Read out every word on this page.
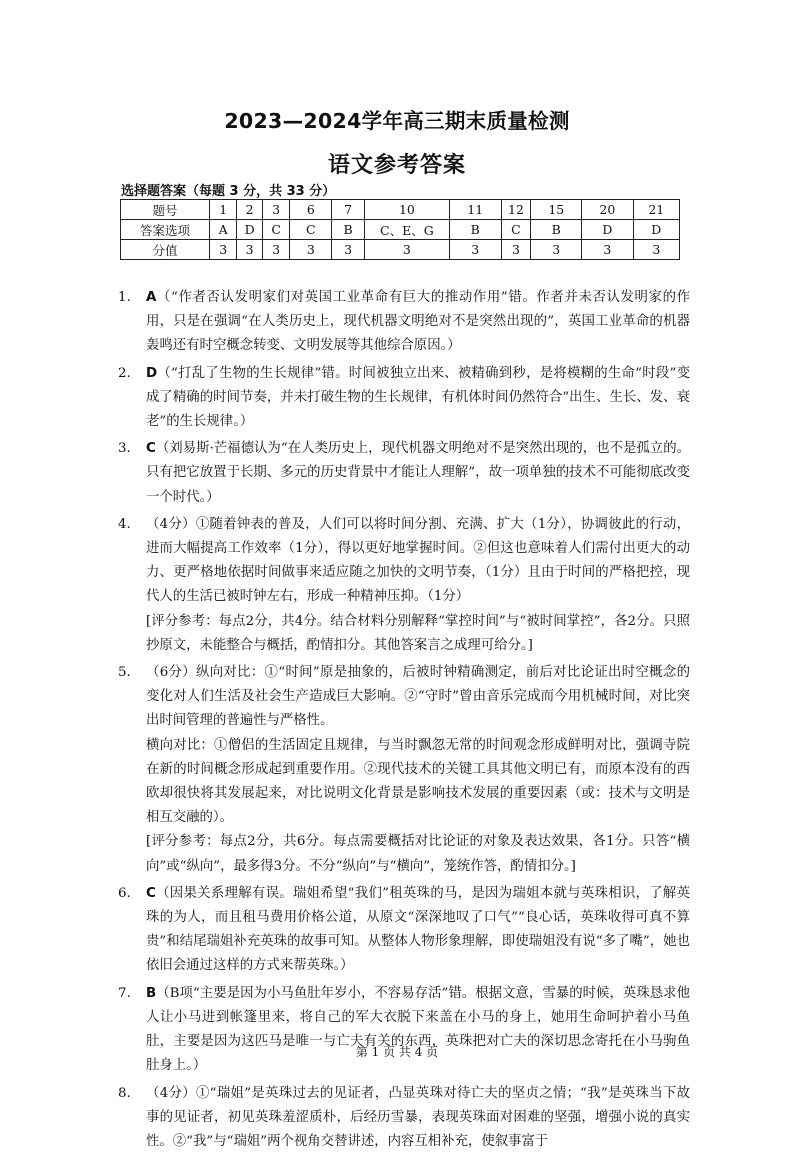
2023—2024学年高三期末质量检测
语文参考答案
选择题答案（每题 3 分，共 33 分）
题号	1	2	3	6	7	10	11	12	15	20	21
答案选项	A	D	C	C	B	C、E、G	B	C	B	D	D
分值	3	3	3	3	3	3	3	3	3	3	3
1. A（“作者否认发明家们对英国工业革命有巨大的推动作用”错。作者并未否认发明家的作用，只是在强调“在人类历史上，现代机器文明绝对不是突然出现的”，英国工业革命的机器轰鸣还有时空概念转变、文明发展等其他综合原因。）

2. D（“打乱了生物的生长规律”错。时间被独立出来、被精确到秒，是将模糊的生命“时段”变成了精确的时间节奏，并未打破生物的生长规律，有机体时间仍然符合“出生、生长、发、衰老”的生长规律。）

3. C（刘易斯·芒福德认为“在人类历史上，现代机器文明绝对不是突然出现的，也不是孤立的。只有把它放置于长期、多元的历史背景中才能让人理解”，故一项单独的技术不可能彻底改变一个时代。）

4. （4分）①随着钟表的普及，人们可以将时间分割、充满、扩大（1分），协调彼此的行动，进而大幅提高工作效率（1分），得以更好地掌握时间。②但这也意味着人们需付出更大的动力、更严格地依据时间做事来适应随之加快的文明节奏，（1分）且由于时间的严格把控，现代人的生活已被时钟左右，形成一种精神压抑。（1分）

[评分参考：每点2分，共4分。结合材料分别解释“掌控时间”与“被时间掌控”，各2分。只照抄原文，未能整合与概括，酌情扣分。其他答案言之成理可给分。]

5. （6分）纵向对比：①“时间”原是抽象的，后被时钟精确测定，前后对比论证出时空概念的变化对人们生活及社会生产造成巨大影响。②“守时”曾由音乐完成而今用机械时间，对比突出时间管理的普遍性与严格性。

横向对比：①僧侣的生活固定且规律，与当时飘忽无常的时间观念形成鲜明对比，强调寺院在新的时间概念形成起到重要作用。②现代技术的关键工具其他文明已有，而原本没有的西欧却很快将其发展起来，对比说明文化背景是影响技术发展的重要因素（或：技术与文明是相互交融的）。

[评分参考：每点2分，共6分。每点需要概括对比论证的对象及表达效果，各1分。只答“横向”或“纵向”，最多得3分。不分“纵向”与“横向”，笼统作答，酌情扣分。]

6. C（因果关系理解有误。瑞姐希望“我们”租英珠的马，是因为瑞姐本就与英珠相识，了解英珠的为人，而且租马费用价格公道，从原文“深深地叹了口气”“良心话，英珠收得可真不算贵”和结尾瑞姐补充英珠的故事可知。从整体人物形象理解，即使瑞姐没有说“多了嘴”，她也依旧会通过这样的方式来帮英珠。）

7. B（B项“主要是因为小马鱼肚年岁小，不容易存活”错。根据文意，雪暴的时候，英珠恳求他人让小马进到帐篷里来，将自己的军大衣脱下来盖在小马的身上，她用生命呵护着小马鱼肚，主要是因为这匹马是唯一与亡夫有关的东西，英珠把对亡夫的深切思念寄托在小马驹鱼肚身上。）

8. （4分）①“瑞姐”是英珠过去的见证者，凸显英珠对待亡夫的坚贞之情；“我”是英珠当下故事的见证者，初见英珠羞涩质朴，后经历雪暴，表现英珠面对困难的坚强，增强小说的真实性。②“我”与“瑞姐”两个视角交替讲述，内容互相补充，使叙事富于

第 1 页 共 4 页
